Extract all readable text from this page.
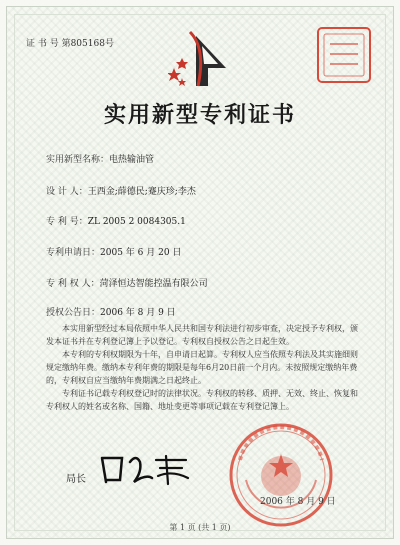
证 书 号 第805168号
实用新型专利证书
实用新型名称：电热输油管
设 计 人：王西金;薛德民;蹇庆珍;李杰
专 利 号：ZL 2005 2 0084305.1
专利申请日：2005 年 6 月 20 日
专 利 权 人：菏泽恒达智能控温有限公司
授权公告日：2006 年 8 月 9 日

本实用新型经过本局依照中华人民共和国专利法进行初步审查，决定授予专利权，颁发本证书并在专利登记簿上予以登记。专利权自授权公告之日起生效。

本专利的专利权期限为十年，自申请日起算。专利权人应当依照专利法及其实施细则规定缴纳年费。缴纳本专利年费的期限是每年6月20日前一个月内。未按照规定缴纳年费的，专利权自应当缴纳年费期满之日起终止。

专利证书记载专利权登记时的法律状况。专利权的转移、质押、无效、终止、恢复和专利权人的姓名或名称、国籍、地址变更等事项记载在专利登记簿上。

局长
2006 年 8 月 9 日
第 1 页 (共 1 页)
